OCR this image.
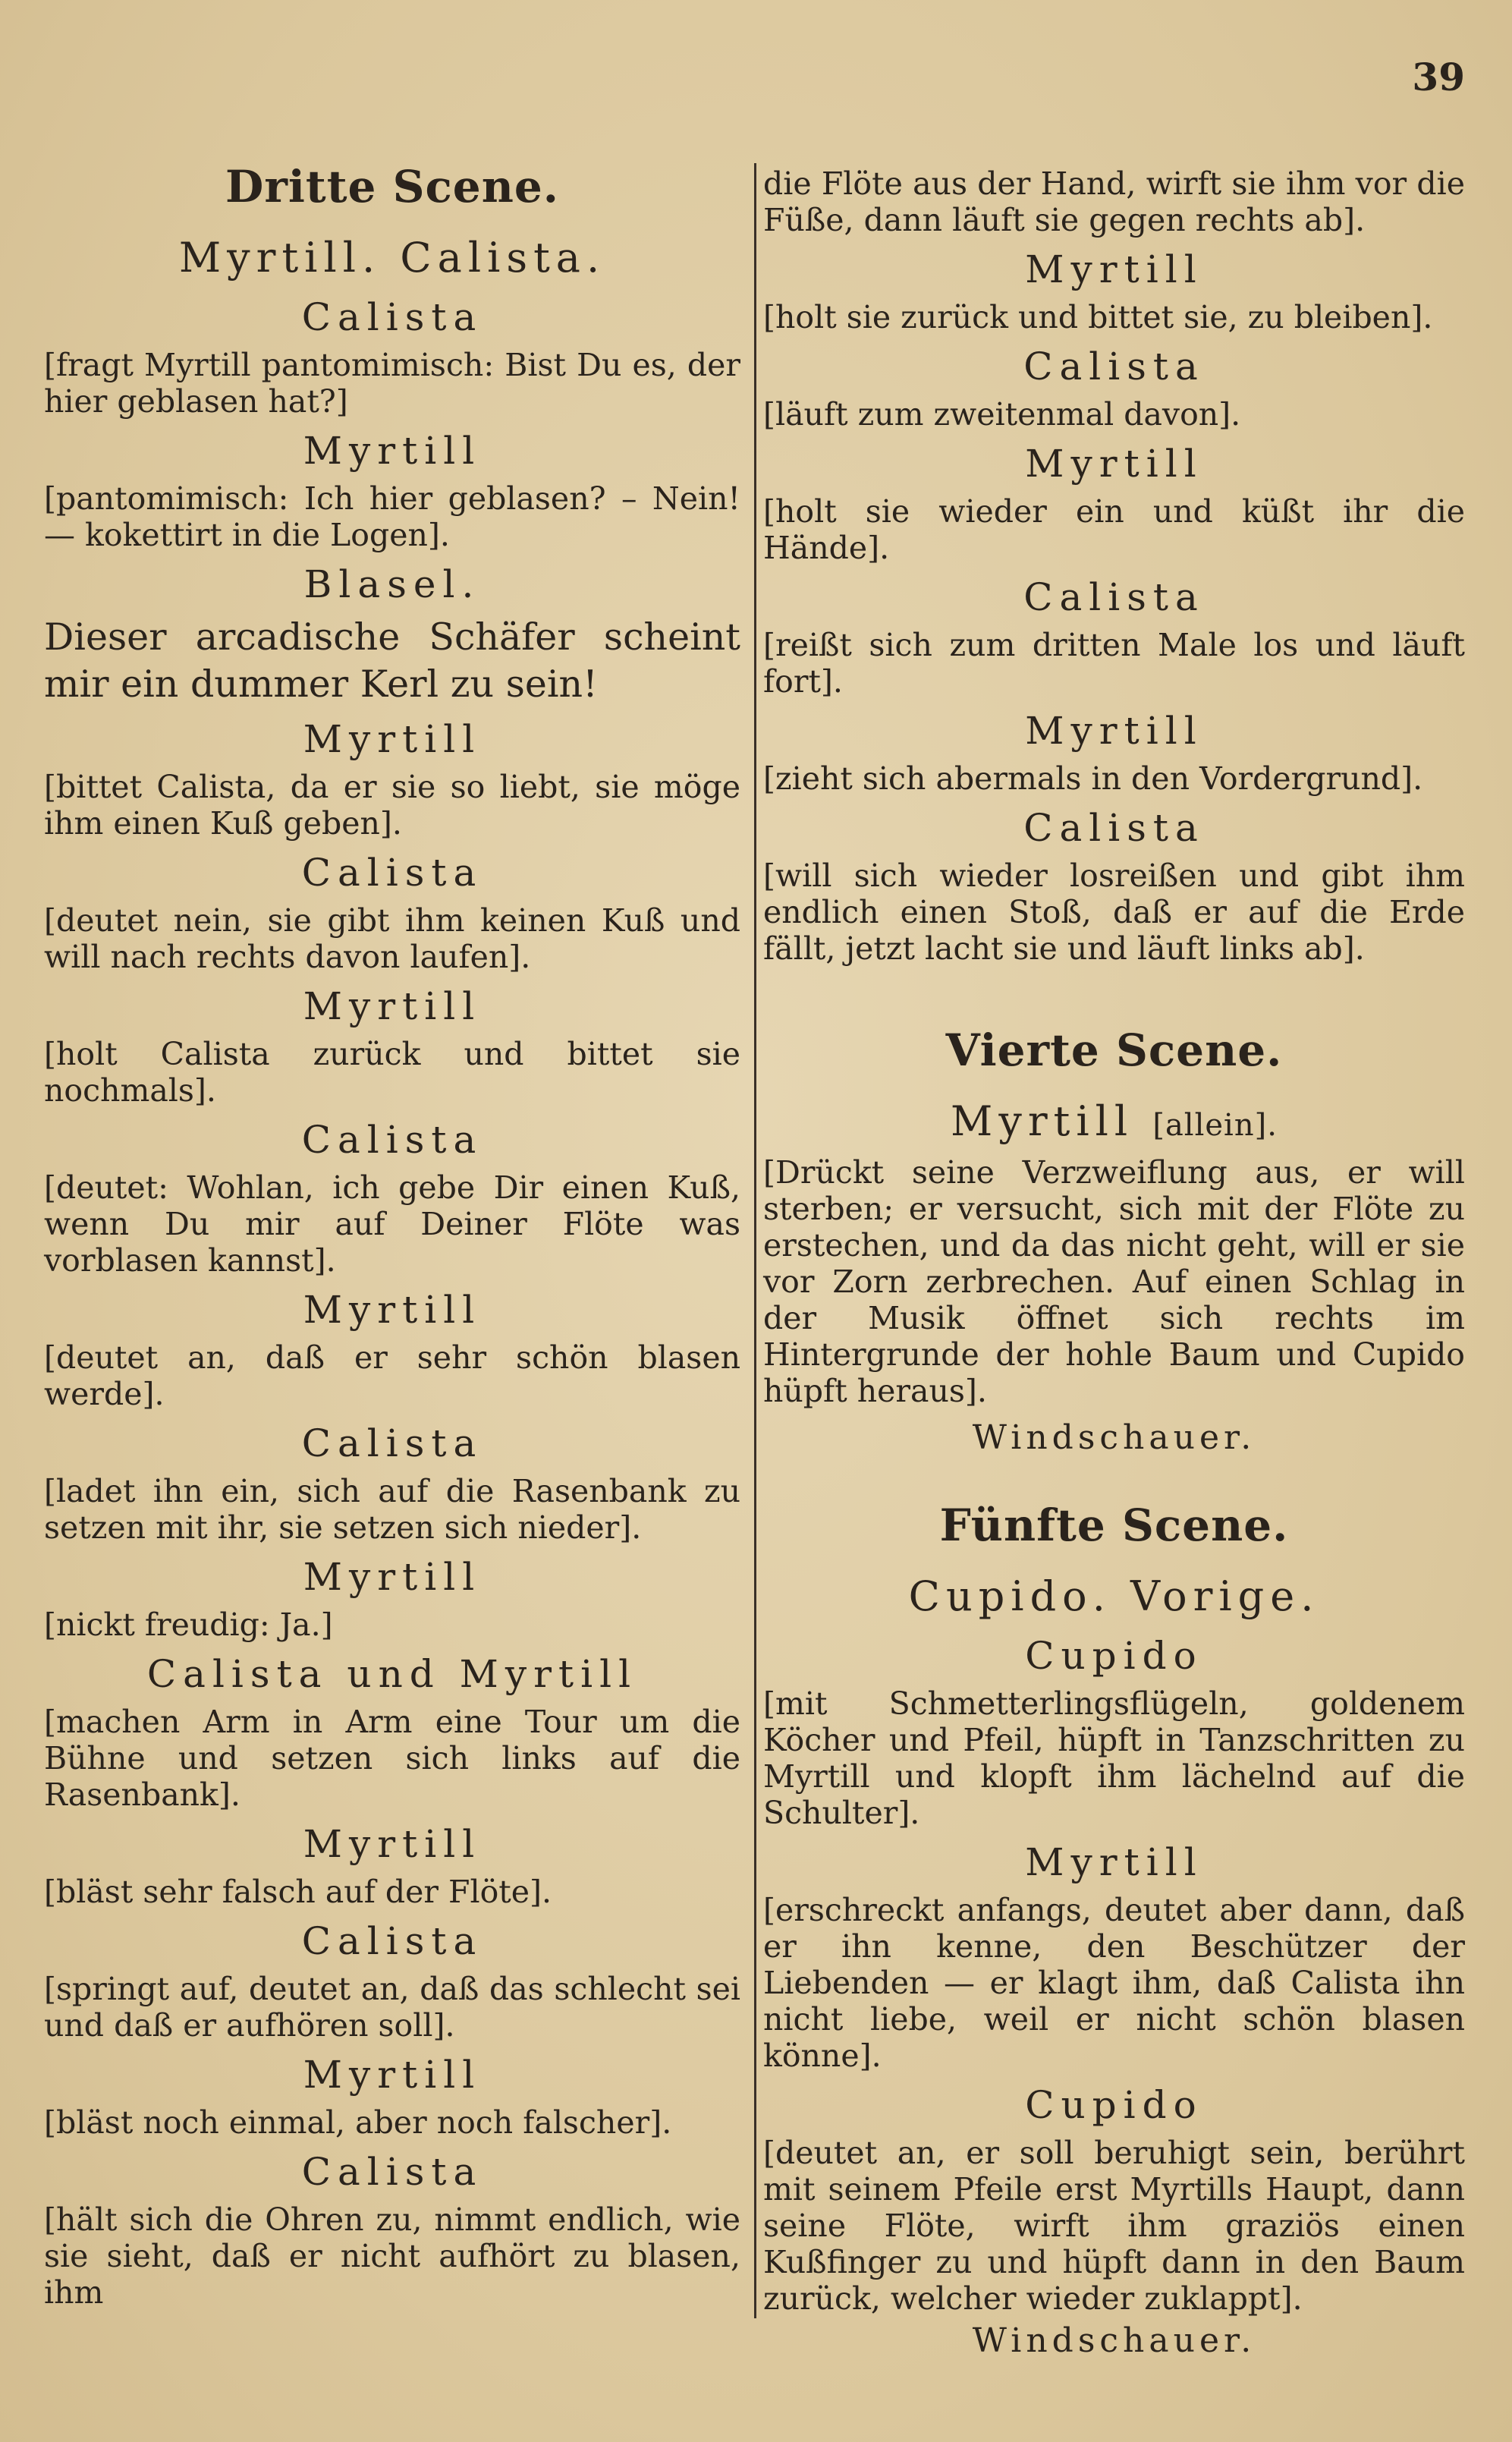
39
Dritte Scene.
Myrtill. Calista.
Calista

[fragt Myrtill pantomimisch: Bist Du es, der hier geblasen hat?]

Myrtill

[pantomimisch: Ich hier geblasen? – Nein! — kokettirt in die Logen].

Blasel.

Dieser arcadische Schäfer scheint mir ein dummer Kerl zu sein!

Myrtill

[bittet Calista, da er sie so liebt, sie möge ihm einen Kuß geben].

Calista

[deutet nein, sie gibt ihm keinen Kuß und will nach rechts davon laufen].

Myrtill

[holt Calista zurück und bittet sie nochmals].

Calista

[deutet: Wohlan, ich gebe Dir einen Kuß, wenn Du mir auf Deiner Flöte was vorblasen kannst].

Myrtill

[deutet an, daß er sehr schön blasen werde].

Calista

[ladet ihn ein, sich auf die Rasenbank zu setzen mit ihr, sie setzen sich nieder].

Myrtill

[nickt freudig: Ja.]

Calista und Myrtill

[machen Arm in Arm eine Tour um die Bühne und setzen sich links auf die Rasenbank].

Myrtill

[bläst sehr falsch auf der Flöte].

Calista

[springt auf, deutet an, daß das schlecht sei und daß er aufhören soll].

Myrtill

[bläst noch einmal, aber noch falscher].

Calista

[hält sich die Ohren zu, nimmt endlich, wie sie sieht, daß er nicht aufhört zu blasen, ihm

die Flöte aus der Hand, wirft sie ihm vor die Füße, dann läuft sie gegen rechts ab].

Myrtill

[holt sie zurück und bittet sie, zu bleiben].

Calista

[läuft zum zweitenmal davon].

Myrtill

[holt sie wieder ein und küßt ihr die Hände].

Calista

[reißt sich zum dritten Male los und läuft fort].

Myrtill

[zieht sich abermals in den Vordergrund].

Calista

[will sich wieder losreißen und gibt ihm endlich einen Stoß, daß er auf die Erde fällt, jetzt lacht sie und läuft links ab].

Vierte Scene.
Myrtill [allein].

[Drückt seine Verzweiflung aus, er will sterben; er versucht, sich mit der Flöte zu erstechen, und da das nicht geht, will er sie vor Zorn zerbrechen. Auf einen Schlag in der Musik öffnet sich rechts im Hintergrunde der hohle Baum und Cupido hüpft heraus].

Windschauer.
Fünfte Scene.
Cupido. Vorige.
Cupido

[mit Schmetterlingsflügeln, goldenem Köcher und Pfeil, hüpft in Tanzschritten zu Myrtill und klopft ihm lächelnd auf die Schulter].

Myrtill

[erschreckt anfangs, deutet aber dann, daß er ihn kenne, den Beschützer der Liebenden — er klagt ihm, daß Calista ihn nicht liebe, weil er nicht schön blasen könne].

Cupido

[deutet an, er soll beruhigt sein, berührt mit seinem Pfeile erst Myrtills Haupt, dann seine Flöte, wirft ihm graziös einen Kußfinger zu und hüpft dann in den Baum zurück, welcher wieder zuklappt].

Windschauer.
